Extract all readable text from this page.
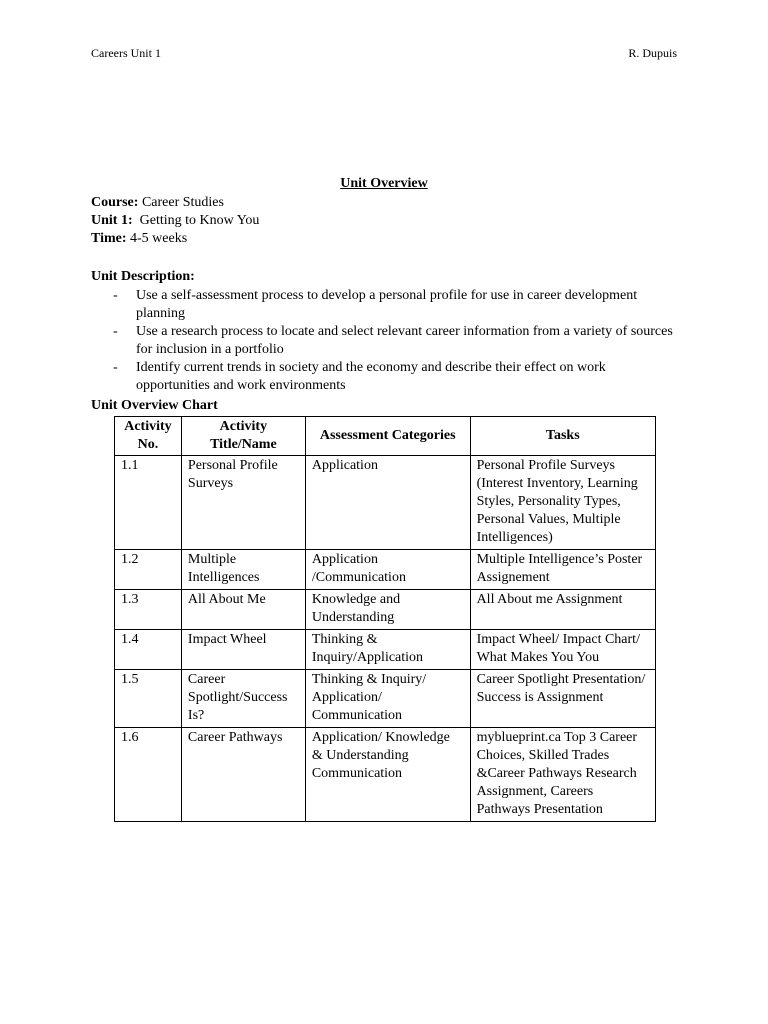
Careers Unit 1	R. Dupuis
Unit Overview
Course: Career Studies
Unit 1: Getting to Know You
Time: 4-5 weeks
Unit Description:
- Use a self-assessment process to develop a personal profile for use in career development planning
- Use a research process to locate and select relevant career information from a variety of sources for inclusion in a portfolio
- Identify current trends in society and the economy and describe their effect on work opportunities and work environments
Unit Overview Chart
Activity No.	Activity Title/Name	Assessment Categories	Tasks
1.1	Personal Profile Surveys	Application	Personal Profile Surveys (Interest Inventory, Learning Styles, Personality Types, Personal Values, Multiple Intelligences)
1.2	Multiple Intelligences	Application /Communication	Multiple Intelligence’s Poster Assignement
1.3	All About Me	Knowledge and Understanding	All About me Assignment
1.4	Impact Wheel	Thinking & Inquiry/Application	Impact Wheel/ Impact Chart/ What Makes You You
1.5	Career Spotlight/Success Is?	Thinking & Inquiry/ Application/ Communication	Career Spotlight Presentation/ Success is Assignment
1.6	Career Pathways	Application/ Knowledge & Understanding Communication	myblueprint.ca Top 3 Career Choices, Skilled Trades &Career Pathways Research Assignment, Careers Pathways Presentation
